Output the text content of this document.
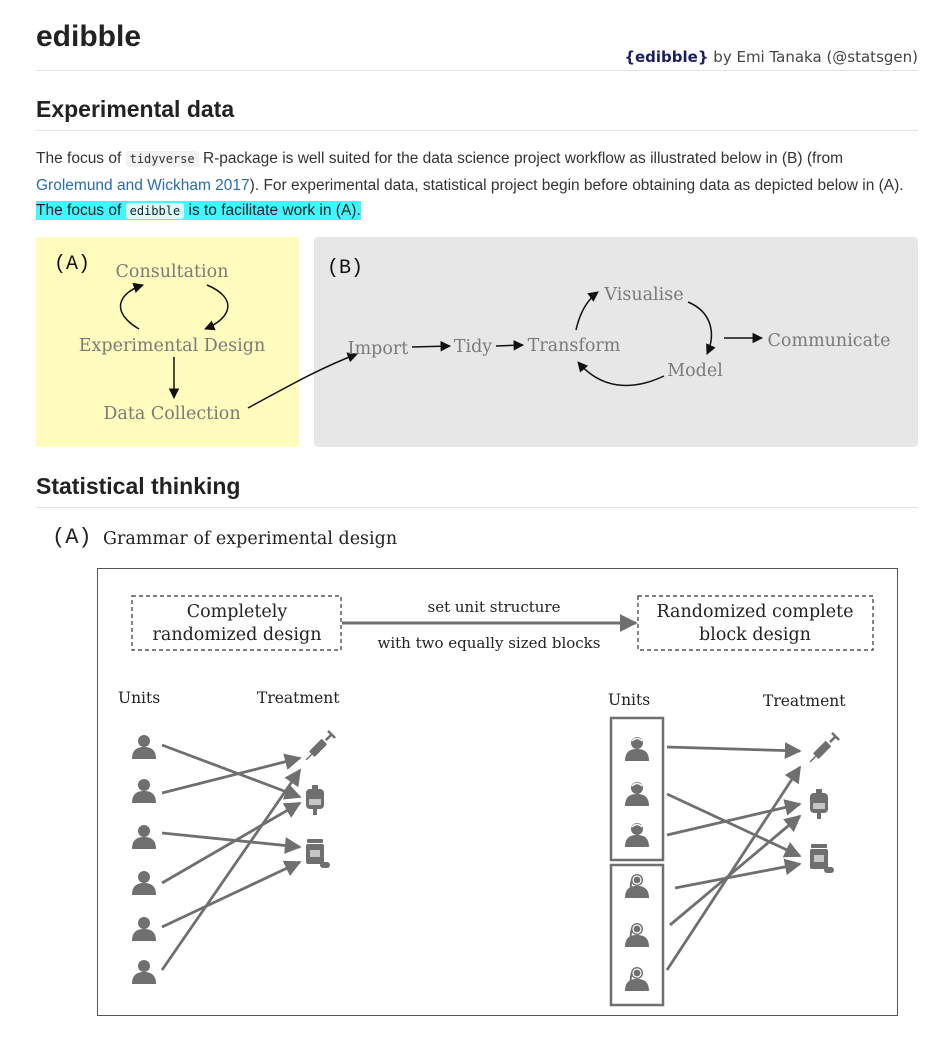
edibble
{edibble} by Emi Tanaka (@statsgen)
Experimental data

The focus of tidyverse R-package is well suited for the data science project workflow as illustrated below in (B) (from Grolemund and Wickham 2017). For experimental data, statistical project begin before obtaining data as depicted below in (A). The focus of edibble is to facilitate work in (A).

Statistical thinking
(A) Grammar of experimental design
(A) Consultation
Experimental Design
Data Collection
(B)
Import	Tidy Transform
Visualise
Model
Communicate
Completely
randomized design
Randomized complete
block design
set unit structure
with two equally sized blocks
Units	Treatment	Units	Treatment
